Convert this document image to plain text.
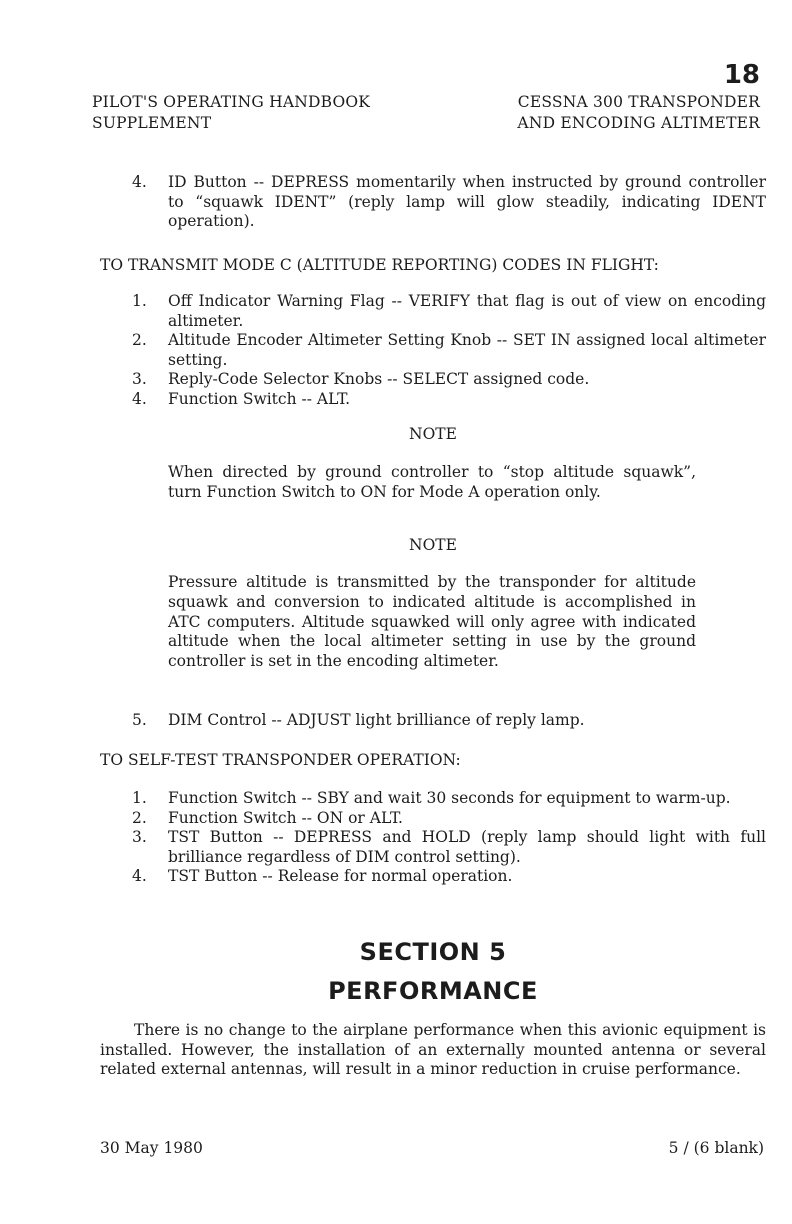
18
PILOT'S OPERATING HANDBOOK
SUPPLEMENT
CESSNA 300 TRANSPONDER
AND ENCODING ALTIMETER
4. ID Button -- DEPRESS momentarily when instructed by ground controller to “squawk IDENT” (reply lamp will glow steadily, indicating IDENT operation).
TO TRANSMIT MODE C (ALTITUDE REPORTING) CODES IN FLIGHT:
1. Off Indicator Warning Flag -- VERIFY that flag is out of view on encoding altimeter.
2. Altitude Encoder Altimeter Setting Knob -- SET IN assigned local altimeter setting.
3. Reply-Code Selector Knobs -- SELECT assigned code.
4. Function Switch -- ALT.
NOTE

When directed by ground controller to “stop altitude squawk”, turn Function Switch to ON for Mode A operation only.

NOTE

Pressure altitude is transmitted by the transponder for altitude squawk and conversion to indicated altitude is accomplished in ATC computers. Altitude squawked will only agree with indicated altitude when the local altimeter setting in use by the ground controller is set in the encoding altimeter.

5. DIM Control -- ADJUST light brilliance of reply lamp.
TO SELF-TEST TRANSPONDER OPERATION:
1. Function Switch -- SBY and wait 30 seconds for equipment to warm-up.
2. Function Switch -- ON or ALT.
3. TST Button -- DEPRESS and HOLD (reply lamp should light with full brilliance regardless of DIM control setting).
4. TST Button -- Release for normal operation.
SECTION 5
PERFORMANCE

There is no change to the airplane performance when this avionic equipment is installed. However, the installation of an externally mounted antenna or several related external antennas, will result in a minor reduction in cruise performance.

30 May 1980	5 / (6 blank)
